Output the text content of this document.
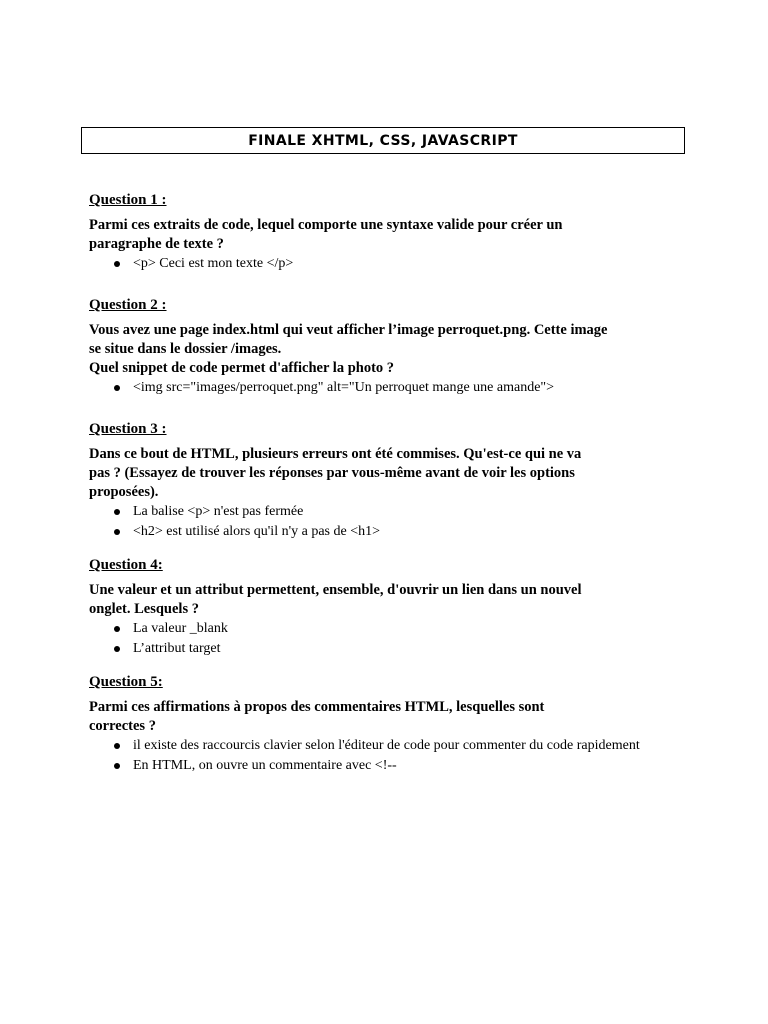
FINALE XHTML, CSS, JAVASCRIPT

Question 1 :

Parmi ces extraits de code, lequel comporte une syntaxe valide pour créer un

paragraphe de texte ?

<p> Ceci est mon texte </p>

Question 2 :

Vous avez une page index.html qui veut afficher l’image perroquet.png. Cette image

se situe dans le dossier /images.

Quel snippet de code permet d'afficher la photo ?

<img src="images/perroquet.png" alt="Un perroquet mange une amande">

Question 3 :

Dans ce bout de HTML, plusieurs erreurs ont été commises. Qu'est-ce qui ne va

pas ? (Essayez de trouver les réponses par vous-même avant de voir les options

proposées).

La balise <p> n'est pas fermée
<h2> est utilisé alors qu'il n'y a pas de <h1>

Question 4:

Une valeur et un attribut permettent, ensemble, d'ouvrir un lien dans un nouvel

onglet. Lesquels ?

La valeur _blank
L’attribut target

Question 5:

Parmi ces affirmations à propos des commentaires HTML, lesquelles sont

correctes ?

il existe des raccourcis clavier selon l'éditeur de code pour commenter du code rapidement
En HTML, on ouvre un commentaire avec <!--
